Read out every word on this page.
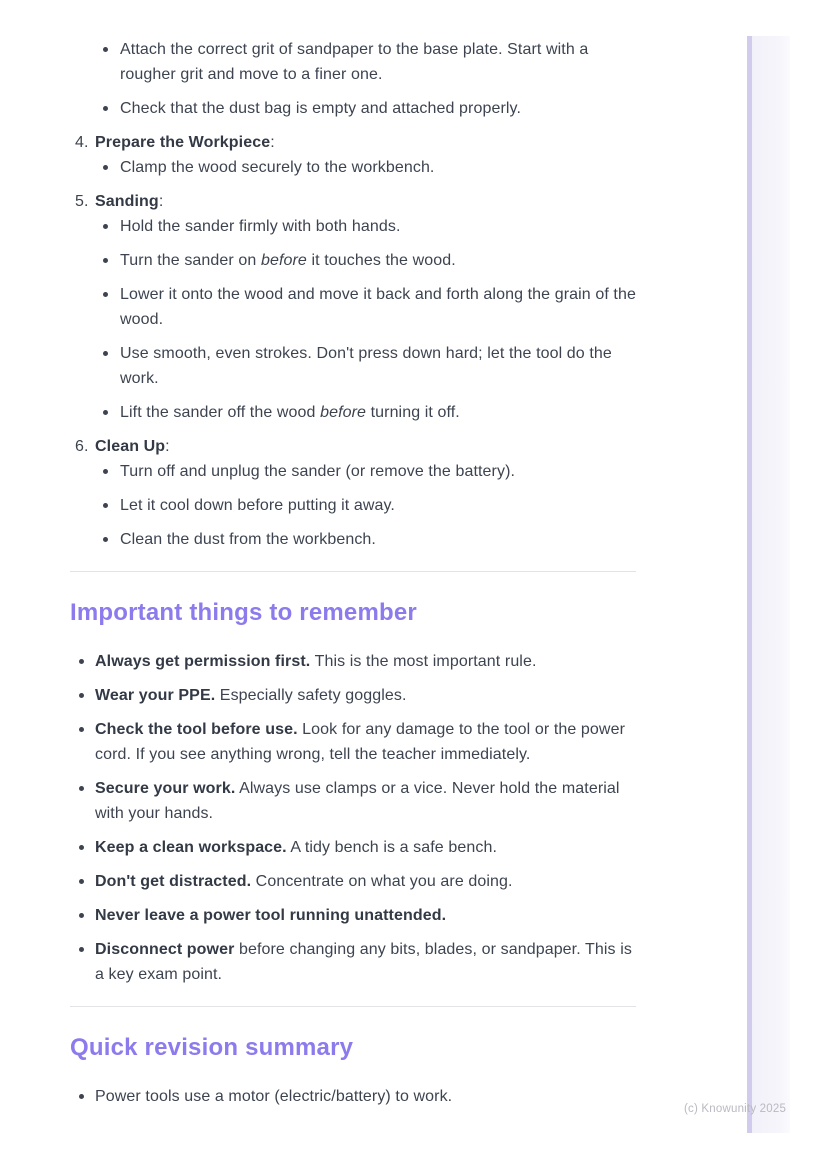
Attach the correct grit of sandpaper to the base plate. Start with a rougher grit and move to a finer one.
Check that the dust bag is empty and attached properly.
4. Prepare the Workpiece:
Clamp the wood securely to the workbench.
5. Sanding:
Hold the sander firmly with both hands.
Turn the sander on before it touches the wood.
Lower it onto the wood and move it back and forth along the grain of the wood.
Use smooth, even strokes. Don't press down hard; let the tool do the work.
Lift the sander off the wood before turning it off.
6. Clean Up:
Turn off and unplug the sander (or remove the battery).
Let it cool down before putting it away.
Clean the dust from the workbench.
Important things to remember
Always get permission first. This is the most important rule.
Wear your PPE. Especially safety goggles.
Check the tool before use. Look for any damage to the tool or the power cord. If you see anything wrong, tell the teacher immediately.
Secure your work. Always use clamps or a vice. Never hold the material with your hands.
Keep a clean workspace. A tidy bench is a safe bench.
Don't get distracted. Concentrate on what you are doing.
Never leave a power tool running unattended.
Disconnect power before changing any bits, blades, or sandpaper. This is a key exam point.
Quick revision summary
Power tools use a motor (electric/battery) to work.
(c) Knowunity 2025
